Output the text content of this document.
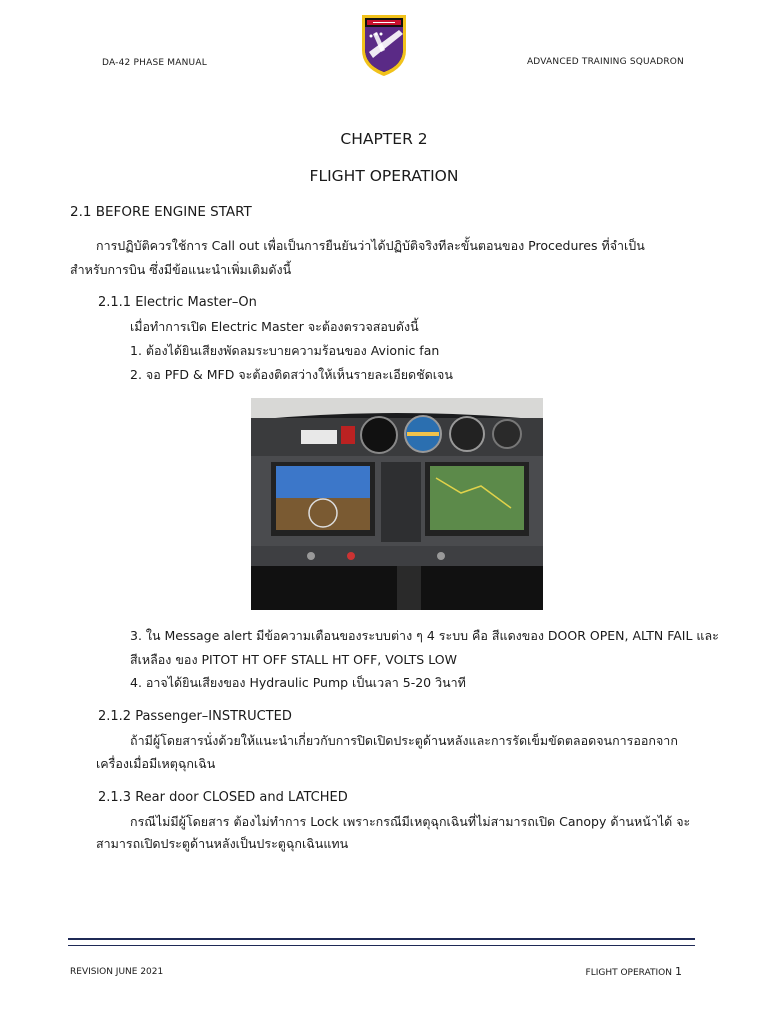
DA-42 PHASE MANUAL	ADVANCED TRAINING SQUADRON
CHAPTER 2
FLIGHT OPERATION
2.1 BEFORE ENGINE START
การปฏิบัติควรใช้การ Call out เพื่อเป็นการยืนยันว่าได้ปฏิบัติจริงทีละขั้นตอนของ Procedures ที่จำเป็น
สำหรับการบิน ซึ่งมีข้อแนะนำเพิ่มเติมดังนี้
2.1.1 Electric Master–On
เมื่อทำการเปิด Electric Master จะต้องตรวจสอบดังนี้
1. ต้องได้ยินเสียงพัดลมระบายความร้อนของ Avionic fan
2. จอ PFD & MFD จะต้องติดสว่างให้เห็นรายละเอียดชัดเจน
3. ใน Message alert มีข้อความเตือนของระบบต่าง ๆ 4 ระบบ คือ สีแดงของ DOOR OPEN, ALTN FAIL และ
สีเหลือง ของ PITOT HT OFF STALL HT OFF, VOLTS LOW
4. อาจได้ยินเสียงของ Hydraulic Pump เป็นเวลา 5-20 วินาที
2.1.2 Passenger–INSTRUCTED
ถ้ามีผู้โดยสารนั่งด้วยให้แนะนำเกี่ยวกับการปิดเปิดประตูด้านหลังและการรัดเข็มขัดตลอดจนการออกจาก
เครื่องเมื่อมีเหตุฉุกเฉิน
2.1.3 Rear door CLOSED and LATCHED
กรณีไม่มีผู้โดยสาร ต้องไม่ทำการ Lock เพราะกรณีมีเหตุฉุกเฉินที่ไม่สามารถเปิด Canopy ด้านหน้าได้ จะ
สามารถเปิดประตูด้านหลังเป็นประตูฉุกเฉินแทน
REVISION JUNE 2021	FLIGHT OPERATION 1
